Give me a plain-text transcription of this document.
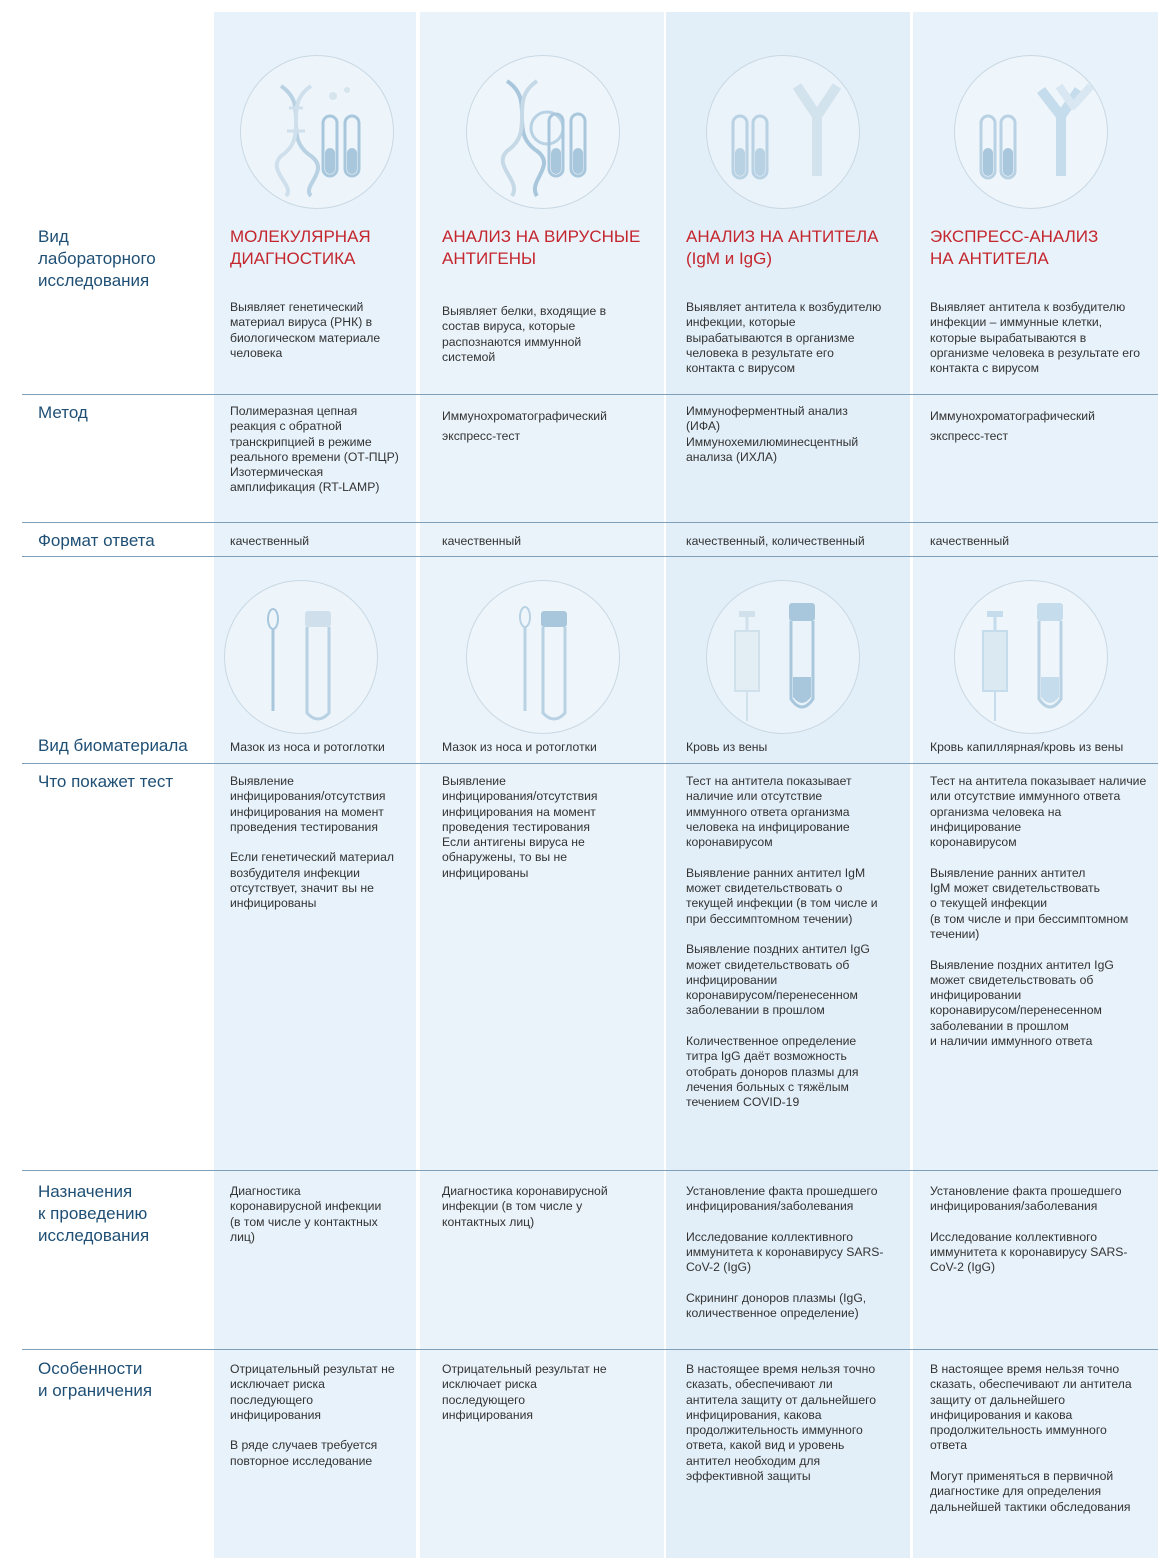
Вид
лабораторного
исследования
Метод
Формат ответа
Вид биоматериала
Что покажет тест
Назначения
к проведению
исследования
Особенности
и ограничения
МОЛЕКУЛЯРНАЯ
ДИАГНОСТИКА
Выявляет генетический
материал вируса (РНК) в
биологическом материале
человека
Полимеразная цепная
реакция с обратной
транскрипцией в режиме
реального времени (ОТ-ПЦР)
Изотермическая
амплификация (RT-LAMP)
качественный
Мазок из носа и ротоглотки
Выявление
инфицирования/отсутствия
инфицирования на момент
проведения тестирования

Если генетический материал
возбудителя инфекции
отсутствует, значит вы не
инфицированы
Диагностика
коронавирусной инфекции
(в том числе у контактных
лиц)
Отрицательный результат не
исключает риска
последующего
инфицирования

В ряде случаев требуется
повторное исследование
АНАЛИЗ НА ВИРУСНЫЕ
АНТИГЕНЫ
Выявляет белки, входящие в
состав вируса, которые
распознаются иммунной
системой
Иммунохроматографический
экспресс-тест
качественный
Мазок из носа и ротоглотки
Выявление
инфицирования/отсутствия
инфицирования на момент
проведения тестирования
Если антигены вируса не
обнаружены, то вы не
инфицированы
Диагностика коронавирусной
инфекции (в том числе у
контактных лиц)
Отрицательный результат не
исключает риска
последующего
инфицирования
АНАЛИЗ НА АНТИТЕЛА
(IgM и IgG)
Выявляет антитела к возбудителю
инфекции, которые
вырабатываются в организме
человека в результате его
контакта с вирусом
Иммуноферментный анализ
(ИФА)
Иммунохемилюминесцентный
анализа (ИХЛА)
качественный, количественный
Кровь из вены
Тест на антитела показывает
наличие или отсутствие
иммунного ответа организма
человека на инфицирование
коронавирусом

Выявление ранних антител IgM
может свидетельствовать о
текущей инфекции (в том числе и
при бессимптомном течении)

Выявление поздних антител IgG
может свидетельствовать об
инфицировании
коронавирусом/перенесенном
заболевании в прошлом

Количественное определение
титра IgG даёт возможность
отобрать доноров плазмы для
лечения больных с тяжёлым
течением COVID-19
Установление факта прошедшего
инфицирования/заболевания

Исследование коллективного
иммунитета к коронавирусу SARS-
CoV-2 (IgG)

Скрининг доноров плазмы (IgG,
количественное определение)
В настоящее время нельзя точно
сказать, обеспечивают ли
антитела защиту от дальнейшего
инфицирования, какова
продолжительность иммунного
ответа, какой вид и уровень
антител необходим для
эффективной защиты
ЭКСПРЕСС-АНАЛИЗ
НА АНТИТЕЛА
Выявляет антитела к возбудителю
инфекции – иммунные клетки,
которые вырабатываются в
организме человека в результате его
контакта с вирусом
Иммунохроматографический
экспресс-тест
качественный
Кровь капиллярная/кровь из вены
Тест на антитела показывает наличие
или отсутствие иммунного ответа
организма человека на
инфицирование
коронавирусом

Выявление ранних антител
IgM может свидетельствовать
о текущей инфекции
(в том числе и при бессимптомном
течении)

Выявление поздних антител IgG
может свидетельствовать об
инфицировании
коронавирусом/перенесенном
заболевании в прошлом
и наличии иммунного ответа
Установление факта прошедшего
инфицирования/заболевания

Исследование коллективного
иммунитета к коронавирусу SARS-
CoV-2 (IgG)
В настоящее время нельзя точно
сказать, обеспечивают ли антитела
защиту от дальнейшего
инфицирования и какова
продолжительность иммунного
ответа

Могут применяться в первичной
диагностике для определения
дальнейшей тактики обследования
